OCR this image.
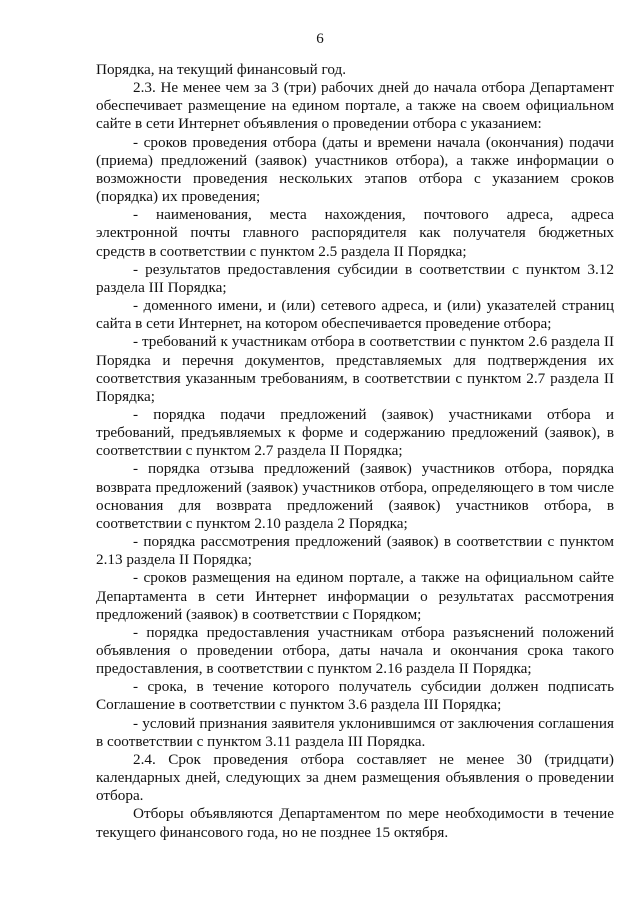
6

Порядка, на текущий финансовый год.

2.3. Не менее чем за 3 (три) рабочих дней до начала отбора Департамент обеспечивает размещение на едином портале, а также на своем официальном сайте в сети Интернет объявления о проведении отбора с указанием:

- сроков проведения отбора (даты и времени начала (окончания) подачи (приема) предложений (заявок) участников отбора), а также информации о возможности проведения нескольких этапов отбора с указанием сроков (порядка) их проведения;

- наименования, места нахождения, почтового адреса, адреса электронной почты главного распорядителя как получателя бюджетных средств в соответствии с пунктом 2.5 раздела II Порядка;

- результатов предоставления субсидии в соответствии с пунктом 3.12 раздела III Порядка;

- доменного имени, и (или) сетевого адреса, и (или) указателей страниц сайта в сети Интернет, на котором обеспечивается проведение отбора;

- требований к участникам отбора в соответствии с пунктом 2.6 раздела II Порядка и перечня документов, представляемых для подтверждения их соответствия указанным требованиям, в соответствии с пунктом 2.7 раздела II Порядка;

- порядка подачи предложений (заявок) участниками отбора и требований, предъявляемых к форме и содержанию предложений (заявок), в соответствии с пунктом 2.7 раздела II Порядка;

- порядка отзыва предложений (заявок) участников отбора, порядка возврата предложений (заявок) участников отбора, определяющего в том числе основания для возврата предложений (заявок) участников отбора, в соответствии с пунктом 2.10 раздела 2 Порядка;

- порядка рассмотрения предложений (заявок) в соответствии с пунктом 2.13 раздела II Порядка;

- сроков размещения на едином портале, а также на официальном сайте Департамента в сети Интернет информации о результатах рассмотрения предложений (заявок) в соответствии с Порядком;

- порядка предоставления участникам отбора разъяснений положений объявления о проведении отбора, даты начала и окончания срока такого предоставления, в соответствии с пунктом 2.16 раздела II Порядка;

- срока, в течение которого получатель субсидии должен подписать Соглашение в соответствии с пунктом 3.6 раздела III Порядка;

- условий признания заявителя уклонившимся от заключения соглашения в соответствии с пунктом 3.11 раздела III Порядка.

2.4. Срок проведения отбора составляет не менее 30 (тридцати) календарных дней, следующих за днем размещения объявления о проведении отбора.

Отборы объявляются Департаментом по мере необходимости в течение текущего финансового года, но не позднее 15 октября.
